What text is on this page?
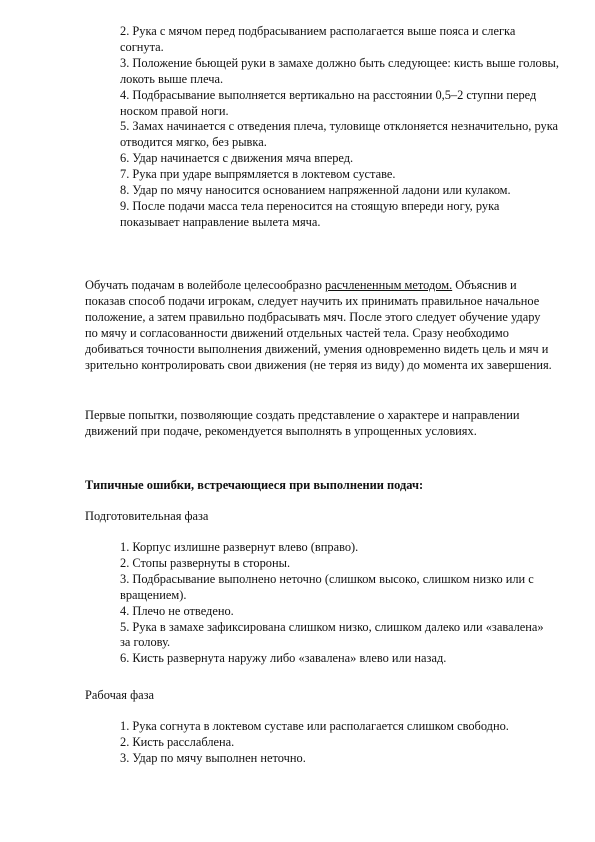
2. Рука с мячом перед подбрасыванием располагается выше пояса и слегка согнута.
3. Положение бьющей руки в замахе должно быть следующее: кисть выше головы, локоть выше плеча.
4. Подбрасывание выполняется вертикально на расстоянии 0,5–2 ступни перед носком правой ноги.
5. Замах начинается с отведения плеча, туловище отклоняется незначительно, рука отводится мягко, без рывка.
6. Удар начинается с движения мяча вперед.
7. Рука при ударе выпрямляется в локтевом суставе.
8. Удар по мячу наносится основанием напряженной ладони или кулаком.
9. После подачи масса тела переносится на стоящую впереди ногу, рука показывает направление вылета мяча.
Обучать подачам в волейболе целесообразно расчлененным методом. Объяснив и показав способ подачи игрокам, следует научить их принимать правильное начальное положение, а затем правильно подбрасывать мяч. После этого следует обучение удару по мячу и согласованности движений отдельных частей тела. Сразу необходимо добиваться точности выполнения движений, умения одновременно видеть цель и мяч и зрительно контролировать свои движения (не теряя из виду) до момента их завершения.
Первые попытки, позволяющие создать представление о характере и направлении движений при подаче, рекомендуется выполнять в упрощенных условиях.
Типичные ошибки, встречающиеся при выполнении подач:
Подготовительная фаза
1. Корпус излишне развернут влево (вправо).
2. Стопы развернуты в стороны.
3. Подбрасывание выполнено неточно (слишком высоко, слишком низко или с вращением).
4. Плечо не отведено.
5. Рука в замахе зафиксирована слишком низко, слишком далеко или «завалена» за голову.
6. Кисть развернута наружу либо «завалена» влево или назад.
Рабочая фаза
1. Рука согнута в локтевом суставе или располагается слишком свободно.
2. Кисть расслаблена.
3. Удар по мячу выполнен неточно.
